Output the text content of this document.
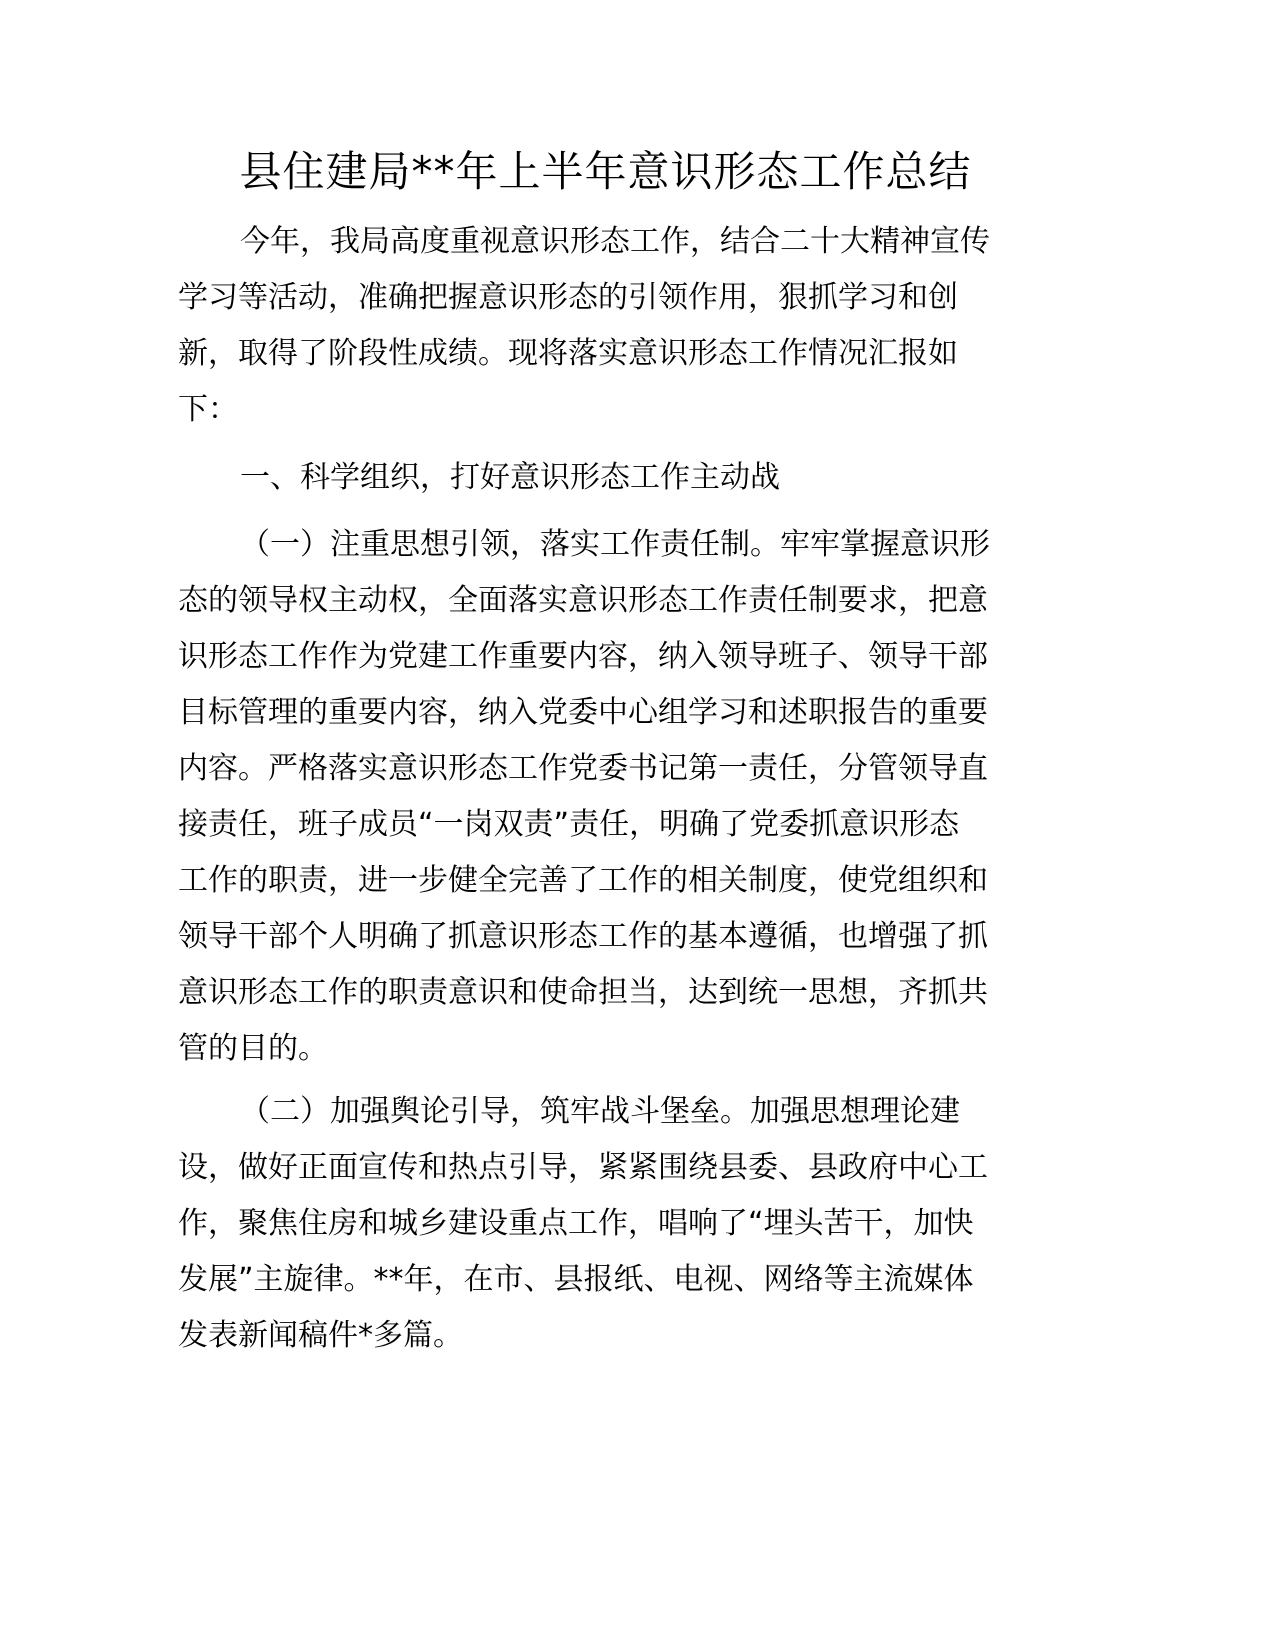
县住建局**年上半年意识形态工作总结
今年，我局高度重视意识形态工作，结合二十大精神宣传
学习等活动，准确把握意识形态的引领作用，狠抓学习和创
新，取得了阶段性成绩。现将落实意识形态工作情况汇报如
下：
一、科学组织，打好意识形态工作主动战
（一）注重思想引领，落实工作责任制。牢牢掌握意识形
态的领导权主动权，全面落实意识形态工作责任制要求，把意
识形态工作作为党建工作重要内容，纳入领导班子、领导干部
目标管理的重要内容，纳入党委中心组学习和述职报告的重要
内容。严格落实意识形态工作党委书记第一责任，分管领导直
接责任，班子成员“一岗双责”责任，明确了党委抓意识形态
工作的职责，进一步健全完善了工作的相关制度，使党组织和
领导干部个人明确了抓意识形态工作的基本遵循，也增强了抓
意识形态工作的职责意识和使命担当，达到统一思想，齐抓共
管的目的。
（二）加强舆论引导，筑牢战斗堡垒。加强思想理论建
设，做好正面宣传和热点引导，紧紧围绕县委、县政府中心工
作，聚焦住房和城乡建设重点工作，唱响了“埋头苦干，加快
发展”主旋律。**年，在市、县报纸、电视、网络等主流媒体
发表新闻稿件*多篇。
